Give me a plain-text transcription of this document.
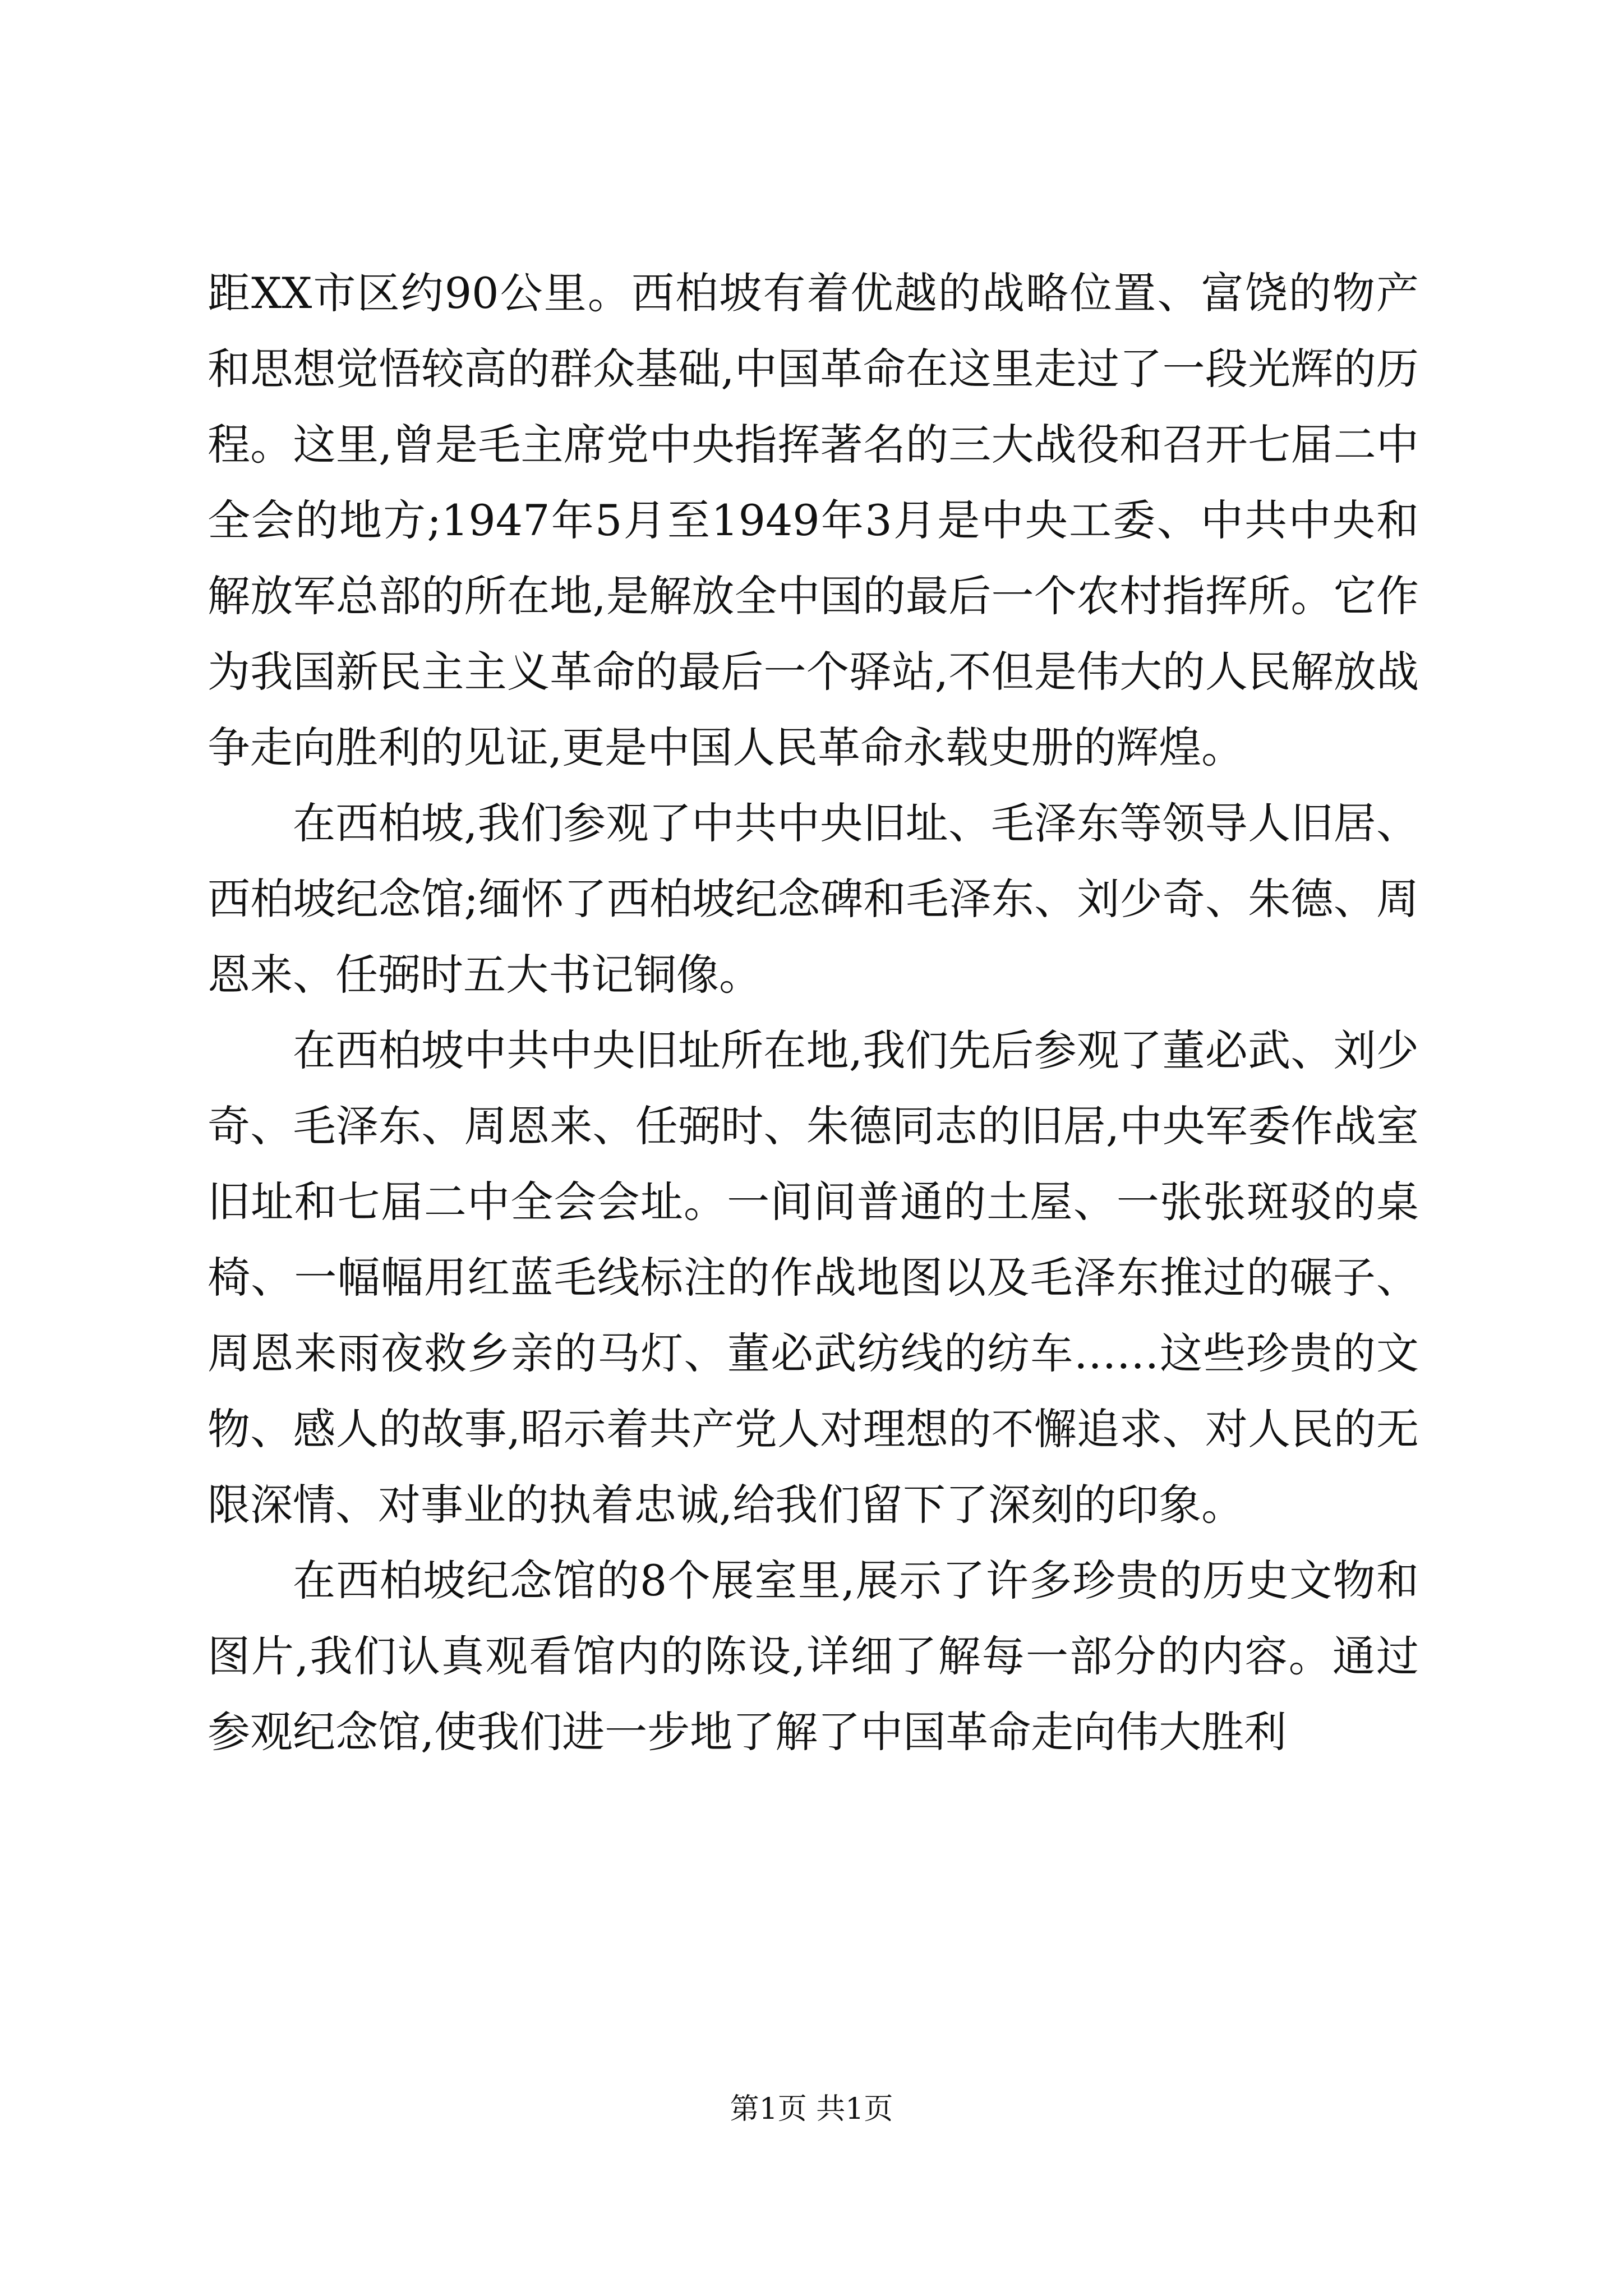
距XX市区约90公里。西柏坡有着优越的战略位置、富饶的物产和思想觉悟较高的群众基础,中国革命在这里走过了一段光辉的历程。这里,曾是毛主席党中央指挥著名的三大战役和召开七届二中全会的地方;1947年5月至1949年3月是中央工委、中共中央和解放军总部的所在地,是解放全中国的最后一个农村指挥所。它作为我国新民主主义革命的最后一个驿站,不但是伟大的人民解放战争走向胜利的见证,更是中国人民革命永载史册的辉煌。

在西柏坡,我们参观了中共中央旧址、毛泽东等领导人旧居、西柏坡纪念馆;缅怀了西柏坡纪念碑和毛泽东、刘少奇、朱德、周恩来、任弼时五大书记铜像。

在西柏坡中共中央旧址所在地,我们先后参观了董必武、刘少奇、毛泽东、周恩来、任弼时、朱德同志的旧居,中央军委作战室旧址和七届二中全会会址。一间间普通的土屋、一张张斑驳的桌椅、一幅幅用红蓝毛线标注的作战地图以及毛泽东推过的碾子、周恩来雨夜救乡亲的马灯、董必武纺线的纺车……这些珍贵的文物、感人的故事,昭示着共产党人对理想的不懈追求、对人民的无限深情、对事业的执着忠诚,给我们留下了深刻的印象。

在西柏坡纪念馆的8个展室里,展示了许多珍贵的历史文物和图片,我们认真观看馆内的陈设,详细了解每一部分的内容。通过参观纪念馆,使我们进一步地了解了中国革命走向伟大胜利

第1页 共1页
